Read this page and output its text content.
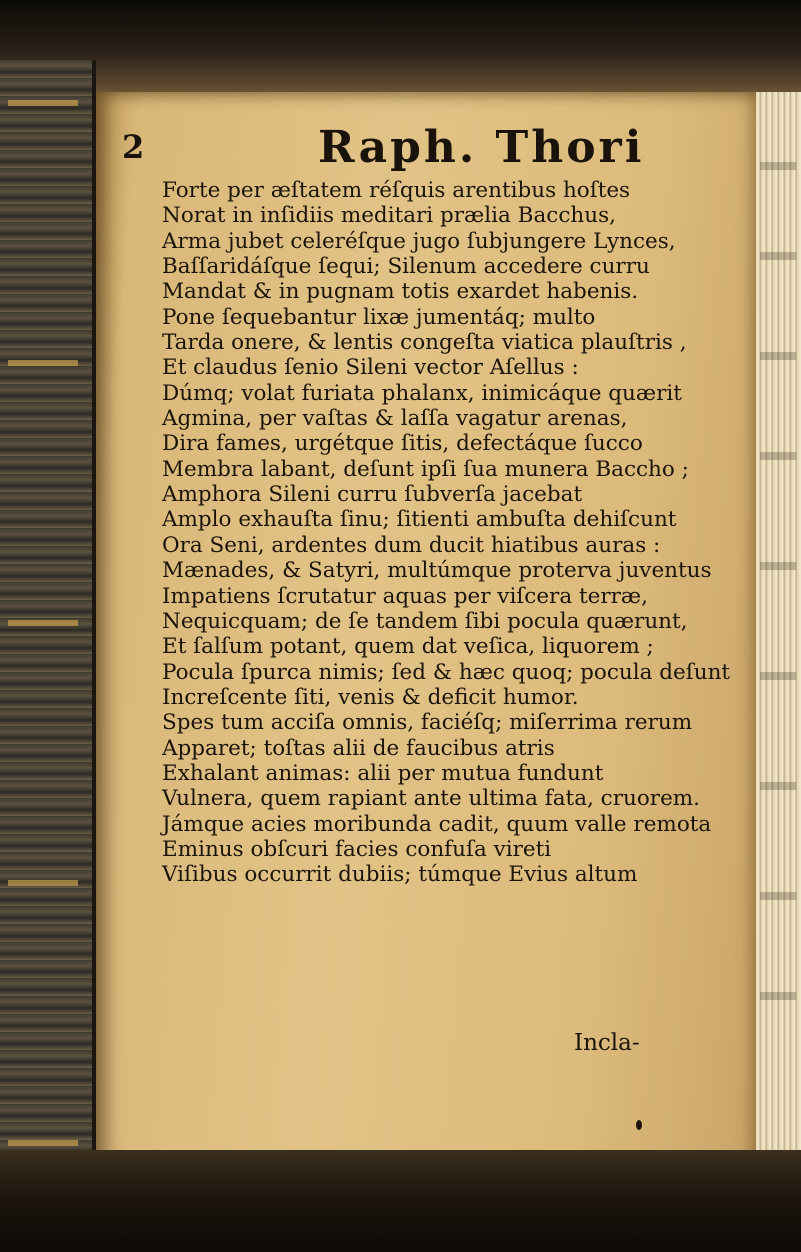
2	Raph. Thori
Forte per æſtatem réſquis arentibus hoſtes
Norat in inſidiis meditari prælia Bacchus,
Arma jubet celeréſque jugo ſubjungere Lynces,
Baſſaridáſque ſequi; Silenum accedere curru
Mandat & in pugnam totis exardet habenis.
Pone ſequebantur lixæ jumentáq; multo
Tarda onere, & lentis congeſta viatica plauſtris ,
Et claudus ſenio Sileni vector Aſellus :
Dúmq; volat furiata phalanx, inimicáque quærit
Agmina, per vaſtas & laſſa vagatur arenas,
Dira fames, urgétque ſitis, defectáque ſucco
Membra labant, deſunt ipſi ſua munera Baccho ;
Amphora Sileni curru ſubverſa jacebat
Amplo exhauſta ſinu; ſitienti ambuſta dehiſcunt
Ora Seni, ardentes dum ducit hiatibus auras :
Mænades, & Satyri, multúmque proterva juventus
Impatiens ſcrutatur aquas per viſcera terræ,
Nequicquam; de ſe tandem ſibi pocula quærunt,
Et ſalſum potant, quem dat veſica, liquorem ;
Pocula ſpurca nimis; ſed & hæc quoq; pocula deſunt
Increſcente ſiti, venis & deficit humor.
Spes tum acciſa omnis, faciéſq; miſerrima rerum
Apparet; toſtas alii de faucibus atris
Exhalant animas: alii per mutua fundunt
Vulnera, quem rapiant ante ultima fata, cruorem.
Jámque acies moribunda cadit, quum valle remota
Eminus obſcuri facies confuſa vireti
Viſibus occurrit dubiis; túmque Evius altum
Incla-
